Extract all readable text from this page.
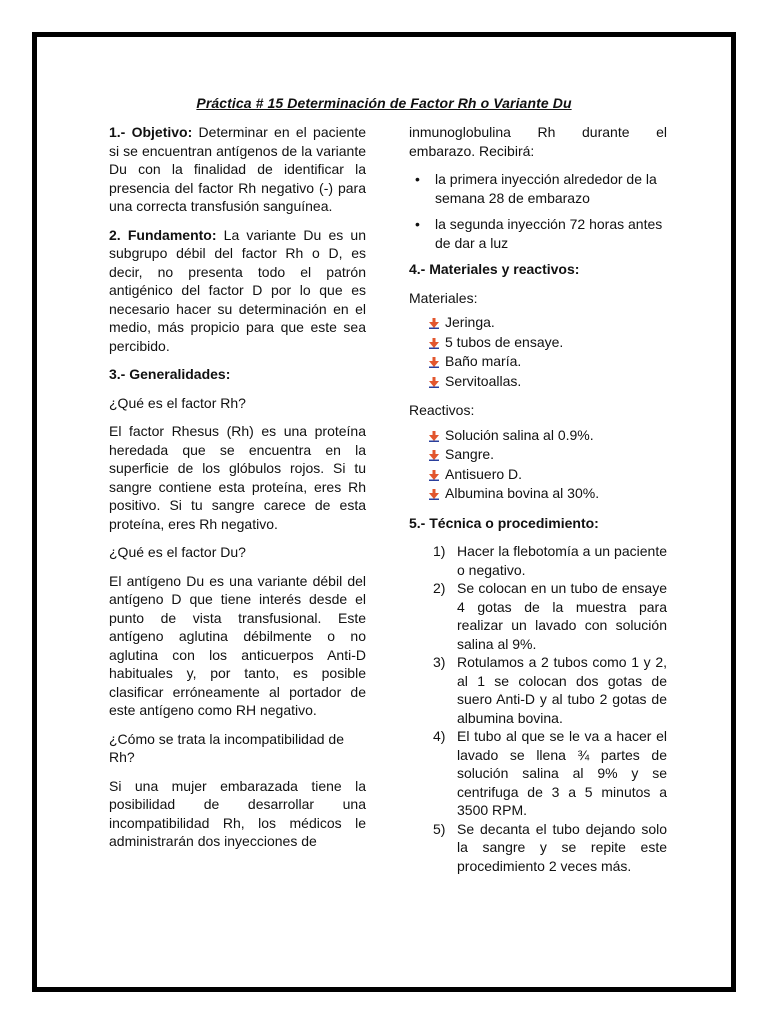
Práctica # 15 Determinación de Factor Rh o Variante Du

1.- Objetivo: Determinar en el paciente si se encuentran antígenos de la variante Du con la finalidad de identificar la presencia del factor Rh negativo (-) para una correcta transfusión sanguínea.

2. Fundamento: La variante Du es un subgrupo débil del factor Rh o D, es decir, no presenta todo el patrón antigénico del factor D por lo que es necesario hacer su determinación en el medio, más propicio para que este sea percibido.

3.- Generalidades:

¿Qué es el factor Rh?

El factor Rhesus (Rh) es una proteína heredada que se encuentra en la superficie de los glóbulos rojos. Si tu sangre contiene esta proteína, eres Rh positivo. Si tu sangre carece de esta proteína, eres Rh negativo.

¿Qué es el factor Du?

El antígeno Du es una variante débil del antígeno D que tiene interés desde el punto de vista transfusional. Este antígeno aglutina débilmente o no aglutina con los anticuerpos Anti-D habituales y, por tanto, es posible clasificar erróneamente al portador de este antígeno como RH negativo.

¿Cómo se trata la incompatibilidad de Rh?

Si una mujer embarazada tiene la posibilidad de desarrollar una incompatibilidad Rh, los médicos le administrarán dos inyecciones de

inmunoglobulina Rh durante el embarazo. Recibirá:

• la primera inyección alrededor de la semana 28 de embarazo
• la segunda inyección 72 horas antes de dar a luz
4.- Materiales y reactivos:
Materiales:
Jeringa.
5 tubos de ensaye.
Baño maría.
Servitoallas.
Reactivos:
Solución salina al 0.9%.
Sangre.
Antisuero D.
Albumina bovina al 30%.
5.- Técnica o procedimiento:
1) Hacer la flebotomía a un paciente o negativo.
2) Se colocan en un tubo de ensaye 4 gotas de la muestra para realizar un lavado con solución salina al 9%.
3) Rotulamos a 2 tubos como 1 y 2, al 1 se colocan dos gotas de suero Anti-D y al tubo 2 gotas de albumina bovina.
4) El tubo al que se le va a hacer el lavado se llena ¾ partes de solución salina al 9% y se centrifuga de 3 a 5 minutos a 3500 RPM.
5) Se decanta el tubo dejando solo la sangre y se repite este procedimiento 2 veces más.
